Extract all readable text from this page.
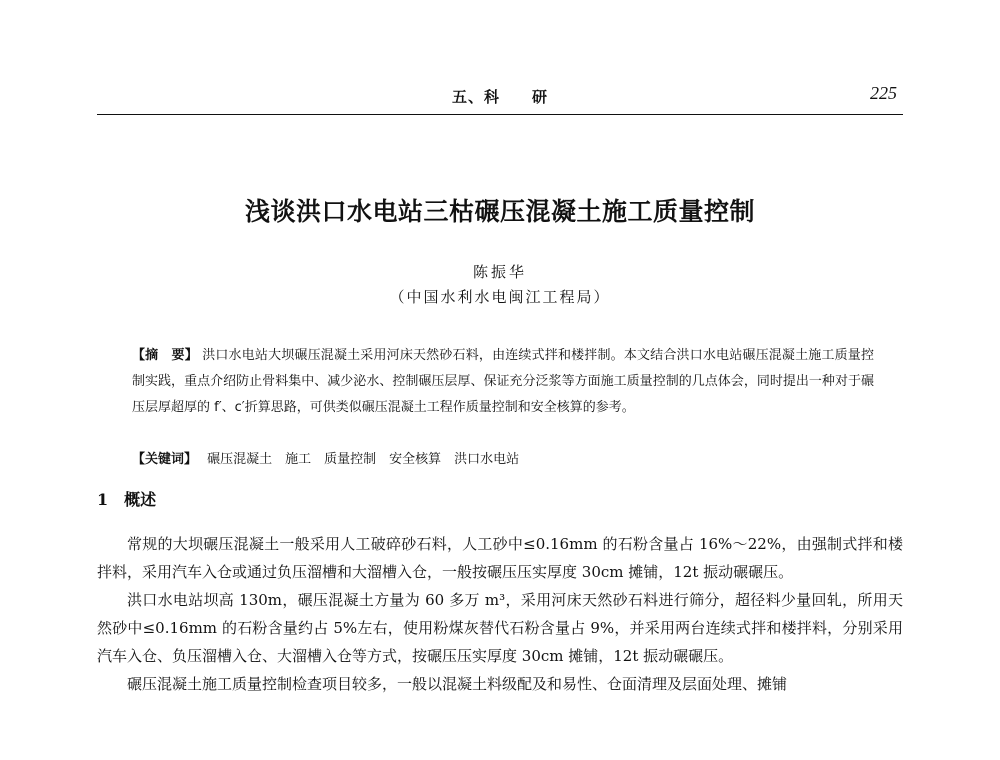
五、科　　研	225
浅谈洪口水电站三枯碾压混凝土施工质量控制
陈振华
（中国水利水电闽江工程局）

【摘　要】 洪口水电站大坝碾压混凝土采用河床天然砂石料，由连续式拌和楼拌制。本文结合洪口水电站碾压混凝土施工质量控制实践，重点介绍防止骨料集中、减少泌水、控制碾压层厚、保证充分泛浆等方面施工质量控制的几点体会，同时提出一种对于碾压层厚超厚的 f′、c′折算思路，可供类似碾压混凝土工程作质量控制和安全核算的参考。

【关键词】 碾压混凝土　施工　质量控制　安全核算　洪口水电站
1　概述

常规的大坝碾压混凝土一般采用人工破碎砂石料，人工砂中≤0.16mm 的石粉含量占 16%～22%，由强制式拌和楼拌料，采用汽车入仓或通过负压溜槽和大溜槽入仓，一般按碾压压实厚度 30cm 摊铺，12t 振动碾碾压。

洪口水电站坝高 130m，碾压混凝土方量为 60 多万 m³，采用河床天然砂石料进行筛分，超径料少量回轧，所用天然砂中≤0.16mm 的石粉含量约占 5%左右，使用粉煤灰替代石粉含量占 9%，并采用两台连续式拌和楼拌料，分别采用汽车入仓、负压溜槽入仓、大溜槽入仓等方式，按碾压压实厚度 30cm 摊铺，12t 振动碾碾压。

碾压混凝土施工质量控制检查项目较多，一般以混凝土料级配及和易性、仓面清理及层面处理、摊铺
